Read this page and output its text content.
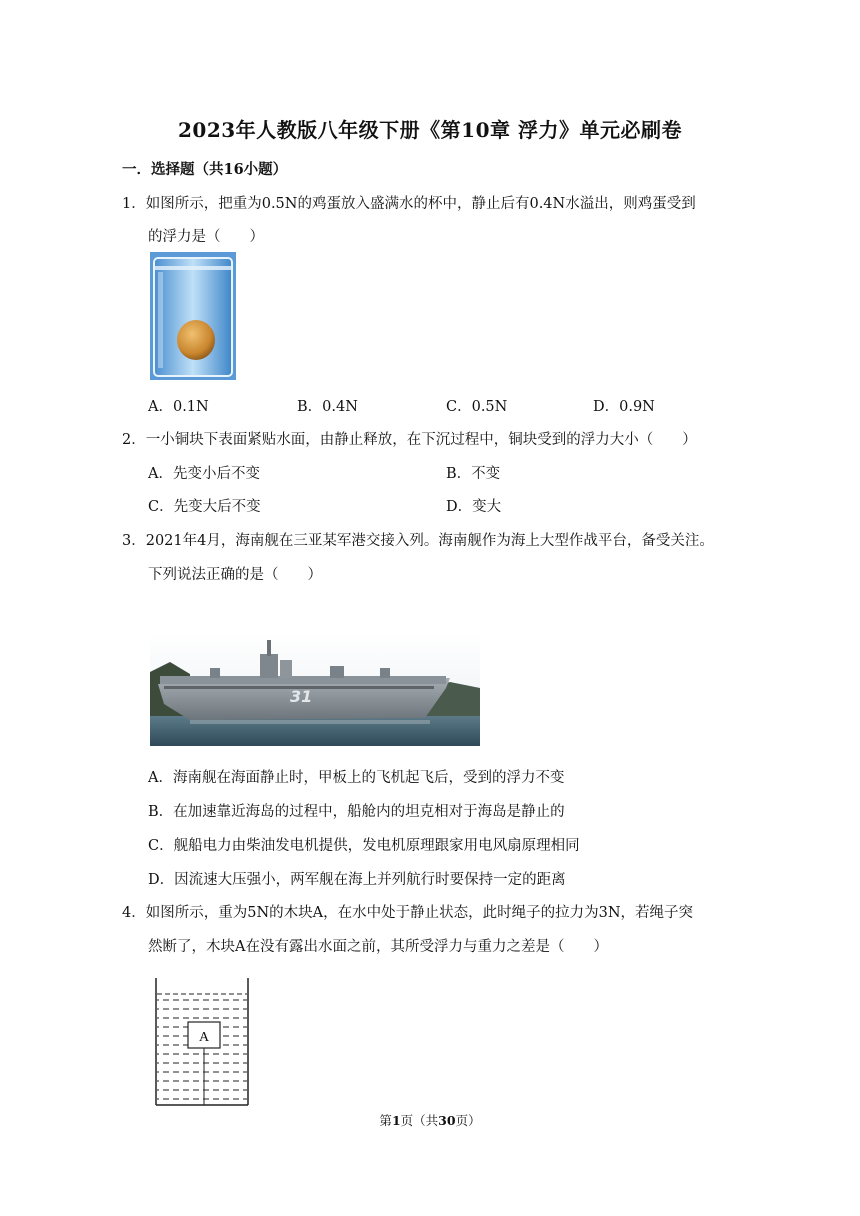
2023年人教版八年级下册《第10章 浮力》单元必刷卷
一．选择题（共16小题）
1．如图所示，把重为0.5N的鸡蛋放入盛满水的杯中，静止后有0.4N水溢出，则鸡蛋受到
的浮力是（　　）
A．0.1N	B．0.4N	C．0.5N	D．0.9N
2．一小铜块下表面紧贴水面，由静止释放，在下沉过程中，铜块受到的浮力大小（　　）
A．先变小后不变	B．不变
C．先变大后不变	D．变大
3．2021年4月，海南舰在三亚某军港交接入列。海南舰作为海上大型作战平台，备受关注。
下列说法正确的是（　　）
31
A．海南舰在海面静止时，甲板上的飞机起飞后，受到的浮力不变
B．在加速靠近海岛的过程中，船舱内的坦克相对于海岛是静止的
C．舰船电力由柴油发电机提供，发电机原理跟家用电风扇原理相同
D．因流速大压强小，两军舰在海上并列航行时要保持一定的距离
4．如图所示，重为5N的木块A，在水中处于静止状态，此时绳子的拉力为3N，若绳子突
然断了，木块A在没有露出水面之前，其所受浮力与重力之差是（　　）
A
第1页（共30页）
